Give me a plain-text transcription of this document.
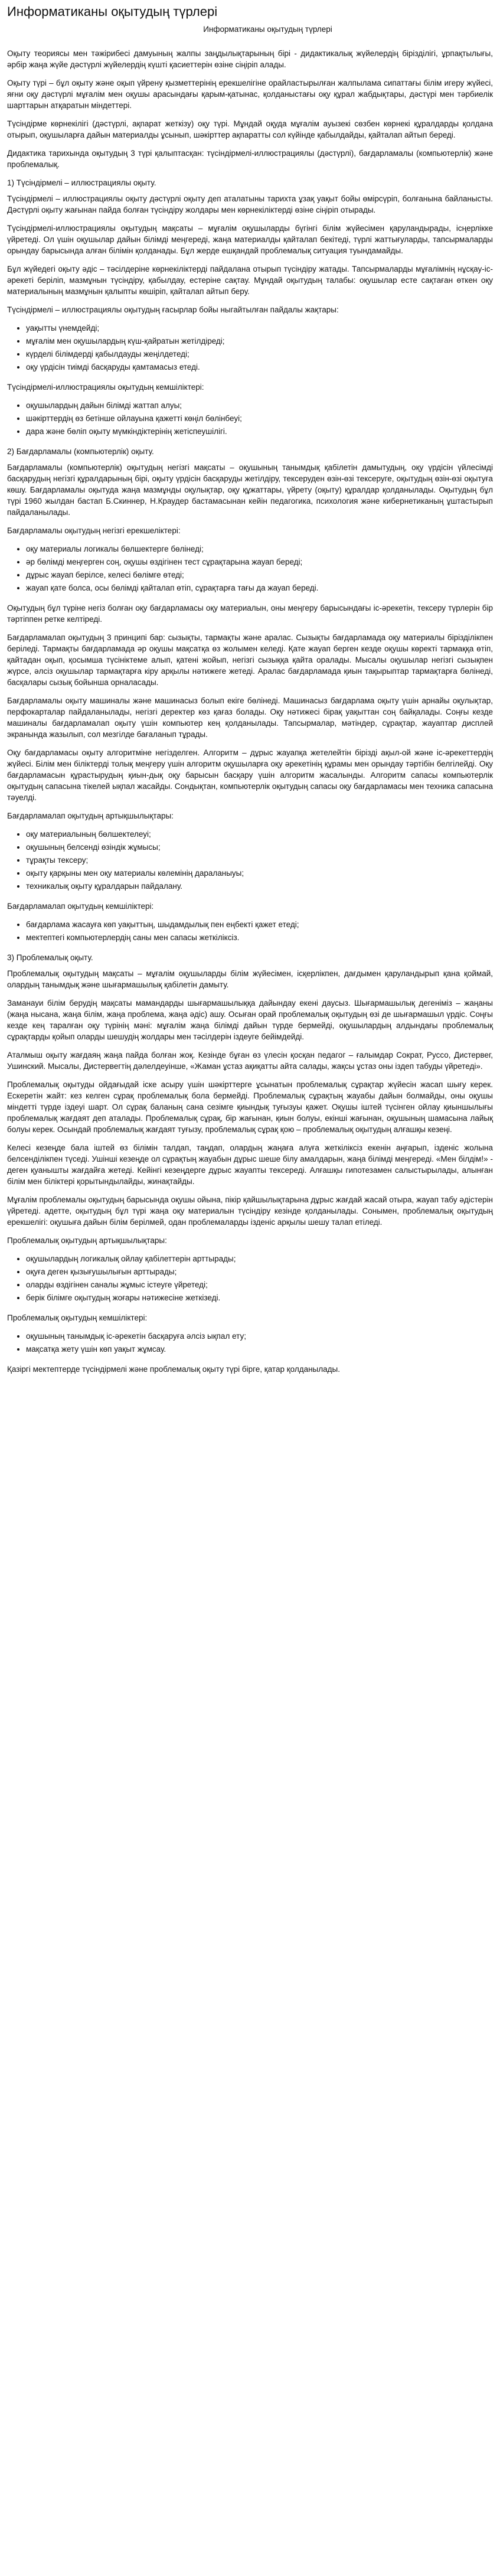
Информатиканы оқытудың түрлері
Информатиканы оқытудың түрлері

Оқыту теориясы мен тәжірибесі дамуының жалпы заңдылықтарының бірі - дидактикалық жүйелердің бірізділігі, ұрпақтылығы, әрбір жаңа жүйе дәстүрлі жүйелердің күшті қасиеттерін өзіне сіңіріп алады.

Оқыту түрі – бұл оқыту жəне оқып үйрену қызметтерінің ерекшелігіне орайластырылған жалпылама сипаттағы білім игеру жүйесі, яғни оқу дәстүрлі мұғалім мен оқушы арасындағы қарым-қатынас, қолданыстағы оқу құрал жабдықтары, дәстүрі мен тәрбиелік шарттарын атқаратын міндеттері.

Түсіндірме көрнекілігі (дəстүрлі, ақпарат жеткізу) оқу түрі. Мұндай оқуда мұғалім ауызекі сөзбен көрнекі құралдарды қолдана отырып, оқушыларға дайын материалды ұсынып, шәкірттер ақпаратты сол күйінде қабылдайды, қайталап айтып береді.

Дидактика тарихында оқытудың 3 түрі қалыптасқан: түсіндірмелі-иллюстрациялы (дəстүрлі), бағдарламалы (компьютерлік) жəне проблемалық.

1) Түсіндірмелі – иллюстрациялы оқыту.

Түсіндірмелі – иллюстрациялы оқыту дəстүрлі оқыту деп аталатыны тарихта ұзақ уақыт бойы өмірсүріп, болғанына байланысты. Дәстүрлі оқыту жағынан пайда болған түсіндіру жолдары мен көрнекіліктерді өзіне сіңіріп отырады.

Түсіндірмелі-иллюстрациялы оқытудың мақсаты – мұғалім оқушыларды бүгінгі білім жүйесімен қаруландырады, ісңерлікке үйретеді. Ол үшін оқушылар дайын білімді меңгереді, жаңа материалды қайталап бекітеді, түрлі жаттығуларды, тапсырмаларды орындау барысында алған білімін қолданады. Бұл жерде ешқандай проблемалық ситуация туындамайды.

Бұл жүйедегі оқыту әдіс – тəсілдеріне көрнекіліктерді пайдалана отырып түсіндіру жатады. Тапсырмаларды мұғалімнің нұсқау-іс-əрекеті беріліп, мазмұнын түсіндіру, қабылдау, естеріне сақтау. Мұндай оқытудың талабы: оқушылар есте сақтаған өткен оқу материалының мазмұнын қалыпты көшіріп, қайталап айтып беру.

Түсіндірмелі – иллюстрациялы оқытудың ғасырлар бойы ныгайтылған пайдалы жақтары:

• уақытты үнемдейді;
• мұғалім мен оқушылардың күш-қайратын жетілдіреді;
• күрделі білімдерді қабылдауды жеңілдетеді;
• оқу үрдісін тиімді басқаруды қамтамасыз етеді.

Түсіндірмелі-иллюстрациялы оқытудың кемшіліктері:

• оқушылардың дайын білімді жаттап алуы;
• шәкірттердің өз бетінше ойлауына қажетті көңіл бөлінбеуі;
• дара жəне бөліп оқыту мүмкіндіктерінің жетіспеушілігі.

2) Бағдарламалы (компьютерлік) оқыту.

Бағдарламалы (компьютерлік) оқытудың негізгі мақсаты – оқушының танымдық қабілетін дамытудың, оқу үрдісін үйлесімді басқарудың негізгі құралдарының бірі, оқыту үрдісін басқаруды жетілдіру, тексеруден өзін-өзі тексеруге, оқытудың өзін-өзі оқытуға көшу. Бағдарламалы оқытуда жаңа мазмұнды оқулықтар, оқу құжаттары, үйрету (оқыту) құралдар қолданылады. Оқытудың бұл түрі 1960 жылдан бастап Б.Скиннер, Н.Краудер бастамасынан кейін педагогика, психология жəне кибернетиканың ұштастырып пайдаланылады.

Бағдарламалы оқытудың негізгі ерекшеліктері:

• оқу материалы логикалы бөлшектерге бөлінеді;
• әр бөлімді меңгерген соң, оқушы өздігінен тест сұрақтарына жауап береді;
• дұрыс жауап берілсе, келесі бөлімге өтеді;
• жауап қате болса, осы бөлімді қайталап өтіп, сұрақтарға тағы да жауап береді.

Оқытудың бұл түріне негіз болған оқу бағдарламасы оқу материалын, оны меңгеру барысындағы іс-əрекетін, тексеру түрлерін бір тәртіппен ретке келтіреді.

Бағдарламалап оқытудың 3 принципі бар: сызықты, тармақты жəне аралас. Сызықты бағдарламада оқу материалы бірізділікпен беріледі. Тармақты бағдарламада әр оқушы мақсатқа өз жолымен келеді. Қате жауап берген кезде оқушы көректі тармаққа өтіп, қайтадан оқып, қосымша түсініктеме алып, қатені жойып, негізгі сызыққа қайта оралады. Мысалы оқушылар негізгі сызықпен жүрсе, әлсіз оқушылар тармақтарға кіру арқылы нəтижеге жетеді. Аралас бағдарламада қиын тақырыптар тармақтарға бөлінеді, басқалары сызық бойынша орналасады.

Бағдарламалы оқыту машиналы жəне машинасыз болып екіге бөлінеді. Машинасыз бағдарлама оқыту үшін арнайы оқулықтар, перфокарталар пайдаланылады, негізгі деректер көз қағаз болады. Оқу нəтижесі бірақ уақыттан соң байқалады. Соңғы кезде машиналы бағдарламалап оқыту үшін компьютер кең қолданылады. Тапсырмалар, мəтіндер, сұрақтар, жауаптар дисплей экранында жазылып, сол мезгілде бағаланып тұрады.

Оқу бағдарламасы оқыту алгоритміне негізделген. Алгоритм – дұрыс жауапқа жетелейтін бірізді ақыл-ой жəне іс-əрекеттердің жүйесі. Білім мен біліктерді толық меңгеру үшін алгоритм оқушыларға оқу əрекетінің құрамы мен орындау тəртібін белгілейді. Оқу бағдарламасын құрастырудың қиын-дық оқу барысын басқару үшін алгоритм жасалынды. Алгоритм сапасы компьютерлік оқытудың сапасына тікелей ықпал жасайды. Сондықтан, компьютерлік оқытудың сапасы оқу бағдарламасы мен техника сапасына тəуелді.

Бағдарламалап оқытудың артықшылықтары:

• оқу материалының бөлшектелеуі;
• оқушының белсенді өзіндік жұмысы;
• тұрақты тексеру;
• оқыту қарқыны мен оқу материалы көлемінің дараланыуы;
• техникалық оқыту құралдарын пайдалану.

Бағдарламалап оқытудың кемшіліктері:

• бағдарлама жасауға көп уақыттың, шыдамдылық пен еңбекті қажет етеді;
• мектептегі компьютерлердің саны мен сапасы жеткіліксіз.

3) Проблемалық оқыту.

Проблемалық оқытудың мақсаты – мұғалім оқушыларды білім жүйесімен, ісқерлікпен, дағдымен қаруландырып қана қоймай, олардың танымдық жəне шығармашылық қабілетін дамыту.

Заманауи білім берудің мақсаты мамандарды шығармашылыққа дайындау екені даусыз. Шығармашылық дегеніміз – жаңаны (жаңа нысана, жаңа білім, жаңа проблема, жаңа әдіс) ашу. Осыған орай проблемалық оқытудың өзі де шығармашыл үрдіс. Соңғы кезде кең таралған оқу түрінің мəні: мұғалім жаңа білімді дайын түрде бермейді, оқушылардың алдындағы проблемалық сұрақтарды қойып оларды шешудің жолдары мен тəсілдерін іздеуге бейімдейді.

Аталмыш оқыту жағдаяң жаңа пайда болған жоқ. Кезінде бұған өз үлесін қосқан педагог – ғалымдар Сократ, Руссо, Дистервег, Ушинский. Мысалы, Дистервегтің дəлелдеуінше, «Жаман ұстаз ақиқатты айта салады, жақсы ұстаз оны іздеп табуды үйретеді».

Проблемалық оқытуды ойдағыдай іске асыру үшін шәкірттерге ұсынатын проблемалық сұрақтар жүйесін жасап шығу керек. Ескеретін жайт: кез келген сұрақ проблемалық бола бермейді. Проблемалық сұрақтың жауабы дайын болмайды, оны оқушы міндетті түрде іздеуі шарт. Ол сұрақ баланың сана сезімге қиындық туғызуы қажет. Оқушы іштей түсінген ойлау қиыншылығы проблемалық жағдаят деп аталады. Проблемалық сұрақ, бір жағынан, қиын болуы, екінші жағынан, оқушының шамасына лайық болуы керек. Осындай проблемалық жағдаят туғызу, проблемалық сұрақ қою – проблемалық оқытудың алғашқы кезеңі.

Келесі кезеңде бала іштей өз білімін талдап, таңдап, олардың жаңаға алуға жеткіліксіз екенін аңғарып, ізденіс жолына белсенділікпен түседі. Ушінші кезеңде ол сұрақтың жауабын дұрыс шеше білу амалдарын, жаңа білімді меңгереді. «Мен білдім!» - деген қуанышты жағдайға жетеді. Кейінгі кезеңдерге дұрыс жауапты тексереді. Алғашқы гипотезамен салыстырылады, алынған білім мен біліктері қорытындылайды, жинақтайды.

Мұғалім проблемалы оқытудың барысында оқушы ойына, пікір қайшылықтарына дұрыс жағдай жасай отыра, жауап табу әдістерін үйретеді. адетте, оқытудың бұл түрі жаңа оқу материалын түсіндіру кезінде қолданылады. Сонымен, проблемалық оқытудың ерекшелігі: оқушыға дайын білім берілмей, одан проблемаларды ізденіс арқылы шешу талап етіледі.

Проблемалық оқытудың артықшылықтары:

• оқушылардың логикалық ойлау қабілеттерін арттырады;
• оқуға деген қызығушылығын арттырады;
• оларды өздігінен саналы жұмыс істеуге үйретеді;
• берік білімге оқытудың жоғары нəтижесіне жеткізеді.

Проблемалық оқытудың кемшіліктері:

• оқушының танымдық іс-əрекетін басқаруға әлсіз ықпал ету;
• мақсатқа жету үшін көп уақыт жұмсау.

Қазіргі мектептерде түсіндірмелі жəне проблемалық оқыту түрі бірге, қатар қолданылады.
